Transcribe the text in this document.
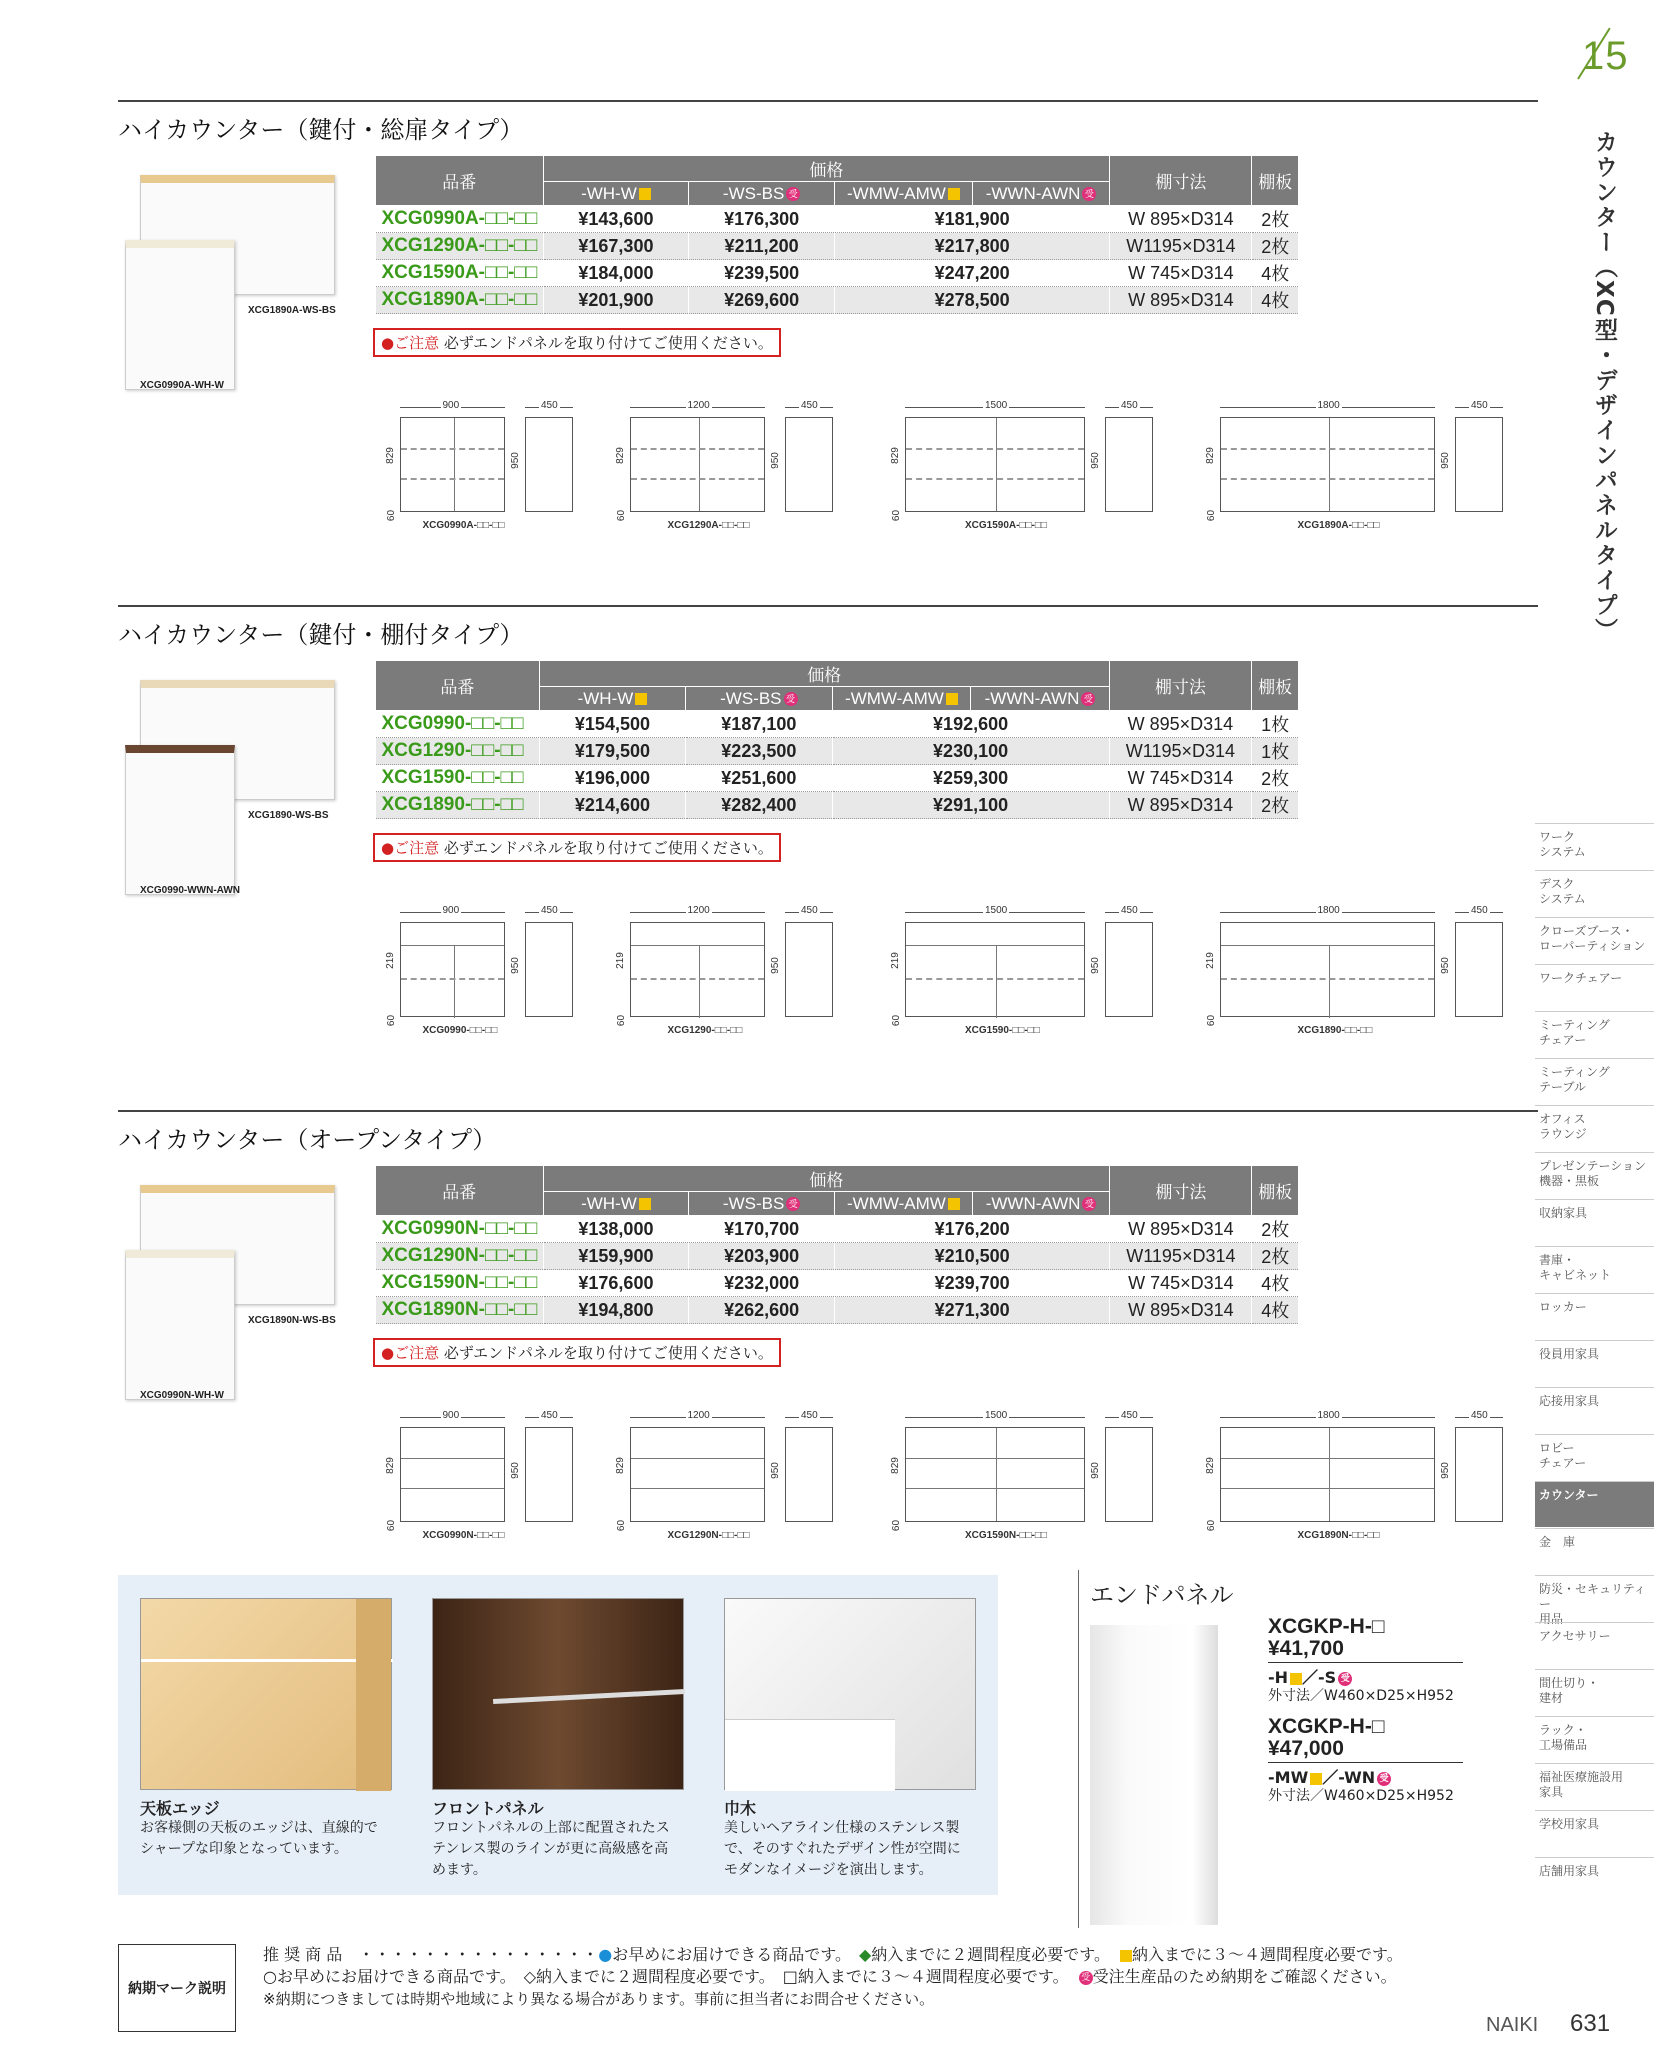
15
カウンター（XC型・デザインパネルタイプ）
ハイカウンター（鍵付・総扉タイプ）
XCG1890A-WS-BS
XCG0990A-WH-W
品番	価格				棚寸法	棚板
	-WH-W	-WS-BS 受	-WMW-AMW	-WWN-AWN 受		
XCG0990A-□□-□□	¥143,600	¥176,300	¥181,900		W 895×D314	2枚
XCG1290A-□□-□□	¥167,300	¥211,200	¥217,800		W1195×D314	2枚
XCG1590A-□□-□□	¥184,000	¥239,500	¥247,200		W 745×D314	4枚
XCG1890A-□□-□□	¥201,900	¥269,600	¥278,500		W 895×D314	4枚
●ご注意 必ずエンドパネルを取り付けてご使用ください。
900
829
60
450
950
XCG0990A-□□-□□
1200
829
60
450
950
XCG1290A-□□-□□
1500
829
60
450
950
XCG1590A-□□-□□
1800
829
60
450
950
XCG1890A-□□-□□
ハイカウンター（鍵付・棚付タイプ）
XCG1890-WS-BS
XCG0990-WWN-AWN
品番	価格				棚寸法	棚板
	-WH-W	-WS-BS 受	-WMW-AMW	-WWN-AWN 受		
XCG0990-□□-□□	¥154,500	¥187,100	¥192,600		W 895×D314	1枚
XCG1290-□□-□□	¥179,500	¥223,500	¥230,100		W1195×D314	1枚
XCG1590-□□-□□	¥196,000	¥251,600	¥259,300		W 745×D314	2枚
XCG1890-□□-□□	¥214,600	¥282,400	¥291,100		W 895×D314	2枚
●ご注意 必ずエンドパネルを取り付けてご使用ください。
900
219
60
450
950
XCG0990-□□-□□
1200
219
60
450
950
XCG1290-□□-□□
1500
219
60
450
950
XCG1590-□□-□□
1800
219
60
450
950
XCG1890-□□-□□
ハイカウンター（オープンタイプ）
XCG1890N-WS-BS
XCG0990N-WH-W
品番	価格				棚寸法	棚板
	-WH-W	-WS-BS 受	-WMW-AMW	-WWN-AWN 受		
XCG0990N-□□-□□	¥138,000	¥170,700	¥176,200		W 895×D314	2枚
XCG1290N-□□-□□	¥159,900	¥203,900	¥210,500		W1195×D314	2枚
XCG1590N-□□-□□	¥176,600	¥232,000	¥239,700		W 745×D314	4枚
XCG1890N-□□-□□	¥194,800	¥262,600	¥271,300		W 895×D314	4枚
●ご注意 必ずエンドパネルを取り付けてご使用ください。
900
829
60
450
950
XCG0990N-□□-□□
1200
829
60
450
950
XCG1290N-□□-□□
1500
829
60
450
950
XCG1590N-□□-□□
1800
829
60
450
950
XCG1890N-□□-□□
ワーク
システム
デスク
システム
クローズブース・
ローパーティション
ワークチェアー
ミーティング
チェアー
ミーティング
テーブル
オフィス
ラウンジ
プレゼンテーション
機器・黒板
収納家具
書庫・
キャビネット
ロッカー
役員用家具
応接用家具
ロビー
チェアー
カウンター
金　庫
防災・セキュリティー
用品
アクセサリー
間仕切り・
建材
ラック・
工場備品
福祉医療施設用
家具
学校用家具
店舗用家具
天板エッジ
お客様側の天板のエッジは、直線的でシャープな印象となっています。
フロントパネル
フロントパネルの上部に配置されたステンレス製のラインが更に高級感を高めます。
巾木
美しいヘアライン仕様のステンレス製で、そのすぐれたデザイン性が空間にモダンなイメージを演出します。
エンドパネル
XCGKP-H-□
¥41,700
-H ／-S 受
外寸法／W460×D25×H952
XCGKP-H-□
¥47,000
-MW ／-WN 受
外寸法／W460×D25×H952
納期マーク説明
推 奨 商 品　・・・・・・・・・・・・・・・●お早めにお届けできる商品です。　◆納入までに２週間程度必要です。　納入までに３～４週間程度必要です。
○お早めにお届けできる商品です。　◇納入までに２週間程度必要です。　□納入までに３～４週間程度必要です。　受 受注生産品のため納期をご確認ください。
※納期につきましては時期や地域により異なる場合があります。事前に担当者にお問合せください。
NAIKI 631
